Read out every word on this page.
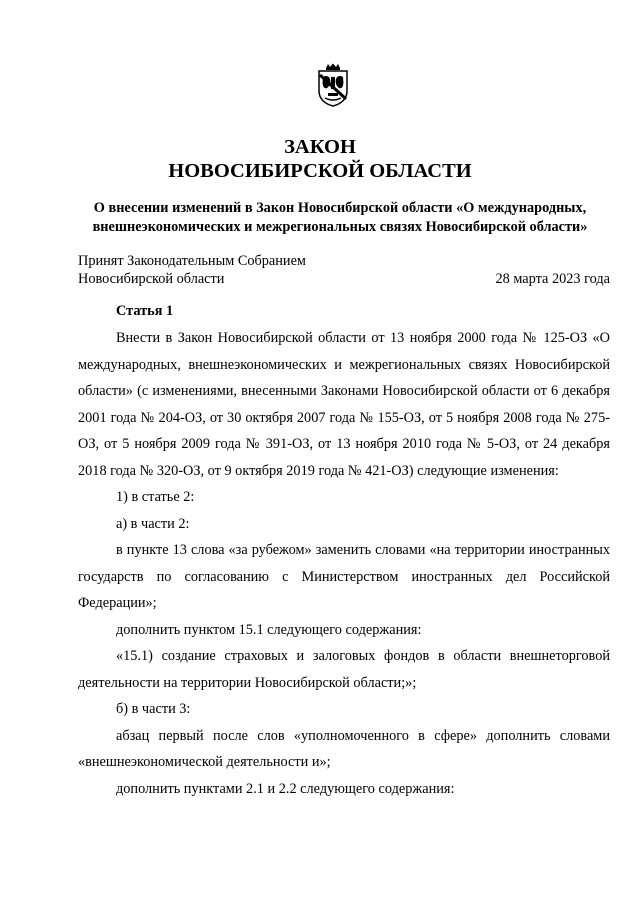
ЗАКОН
НОВОСИБИРСКОЙ ОБЛАСТИ
О внесении изменений в Закон Новосибирской области «О международных, внешнеэкономических и межрегиональных связях Новосибирской области»
Принят Законодательным Собранием
Новосибирской области	28 марта 2023 года
Статья 1

Внести в Закон Новосибирской области от 13 ноября 2000 года № 125-ОЗ «О международных, внешнеэкономических и межрегиональных связях Новосибирской области» (с изменениями, внесенными Законами Новосибирской области от 6 декабря 2001 года № 204-ОЗ, от 30 октября 2007 года № 155-ОЗ, от 5 ноября 2008 года № 275-ОЗ, от 5 ноября 2009 года № 391-ОЗ, от 13 ноября 2010 года № 5-ОЗ, от 24 декабря 2018 года № 320-ОЗ, от 9 октября 2019 года № 421-ОЗ) следующие изменения:

1) в статье 2:

а) в части 2:

в пункте 13 слова «за рубежом» заменить словами «на территории иностранных государств по согласованию с Министерством иностранных дел Российской Федерации»;

дополнить пунктом 15.1 следующего содержания:

«15.1) создание страховых и залоговых фондов в области внешнеторговой деятельности на территории Новосибирской области;»;

б) в части 3:

абзац первый после слов «уполномоченного в сфере» дополнить словами «внешнеэкономической деятельности и»;

дополнить пунктами 2.1 и 2.2 следующего содержания:
